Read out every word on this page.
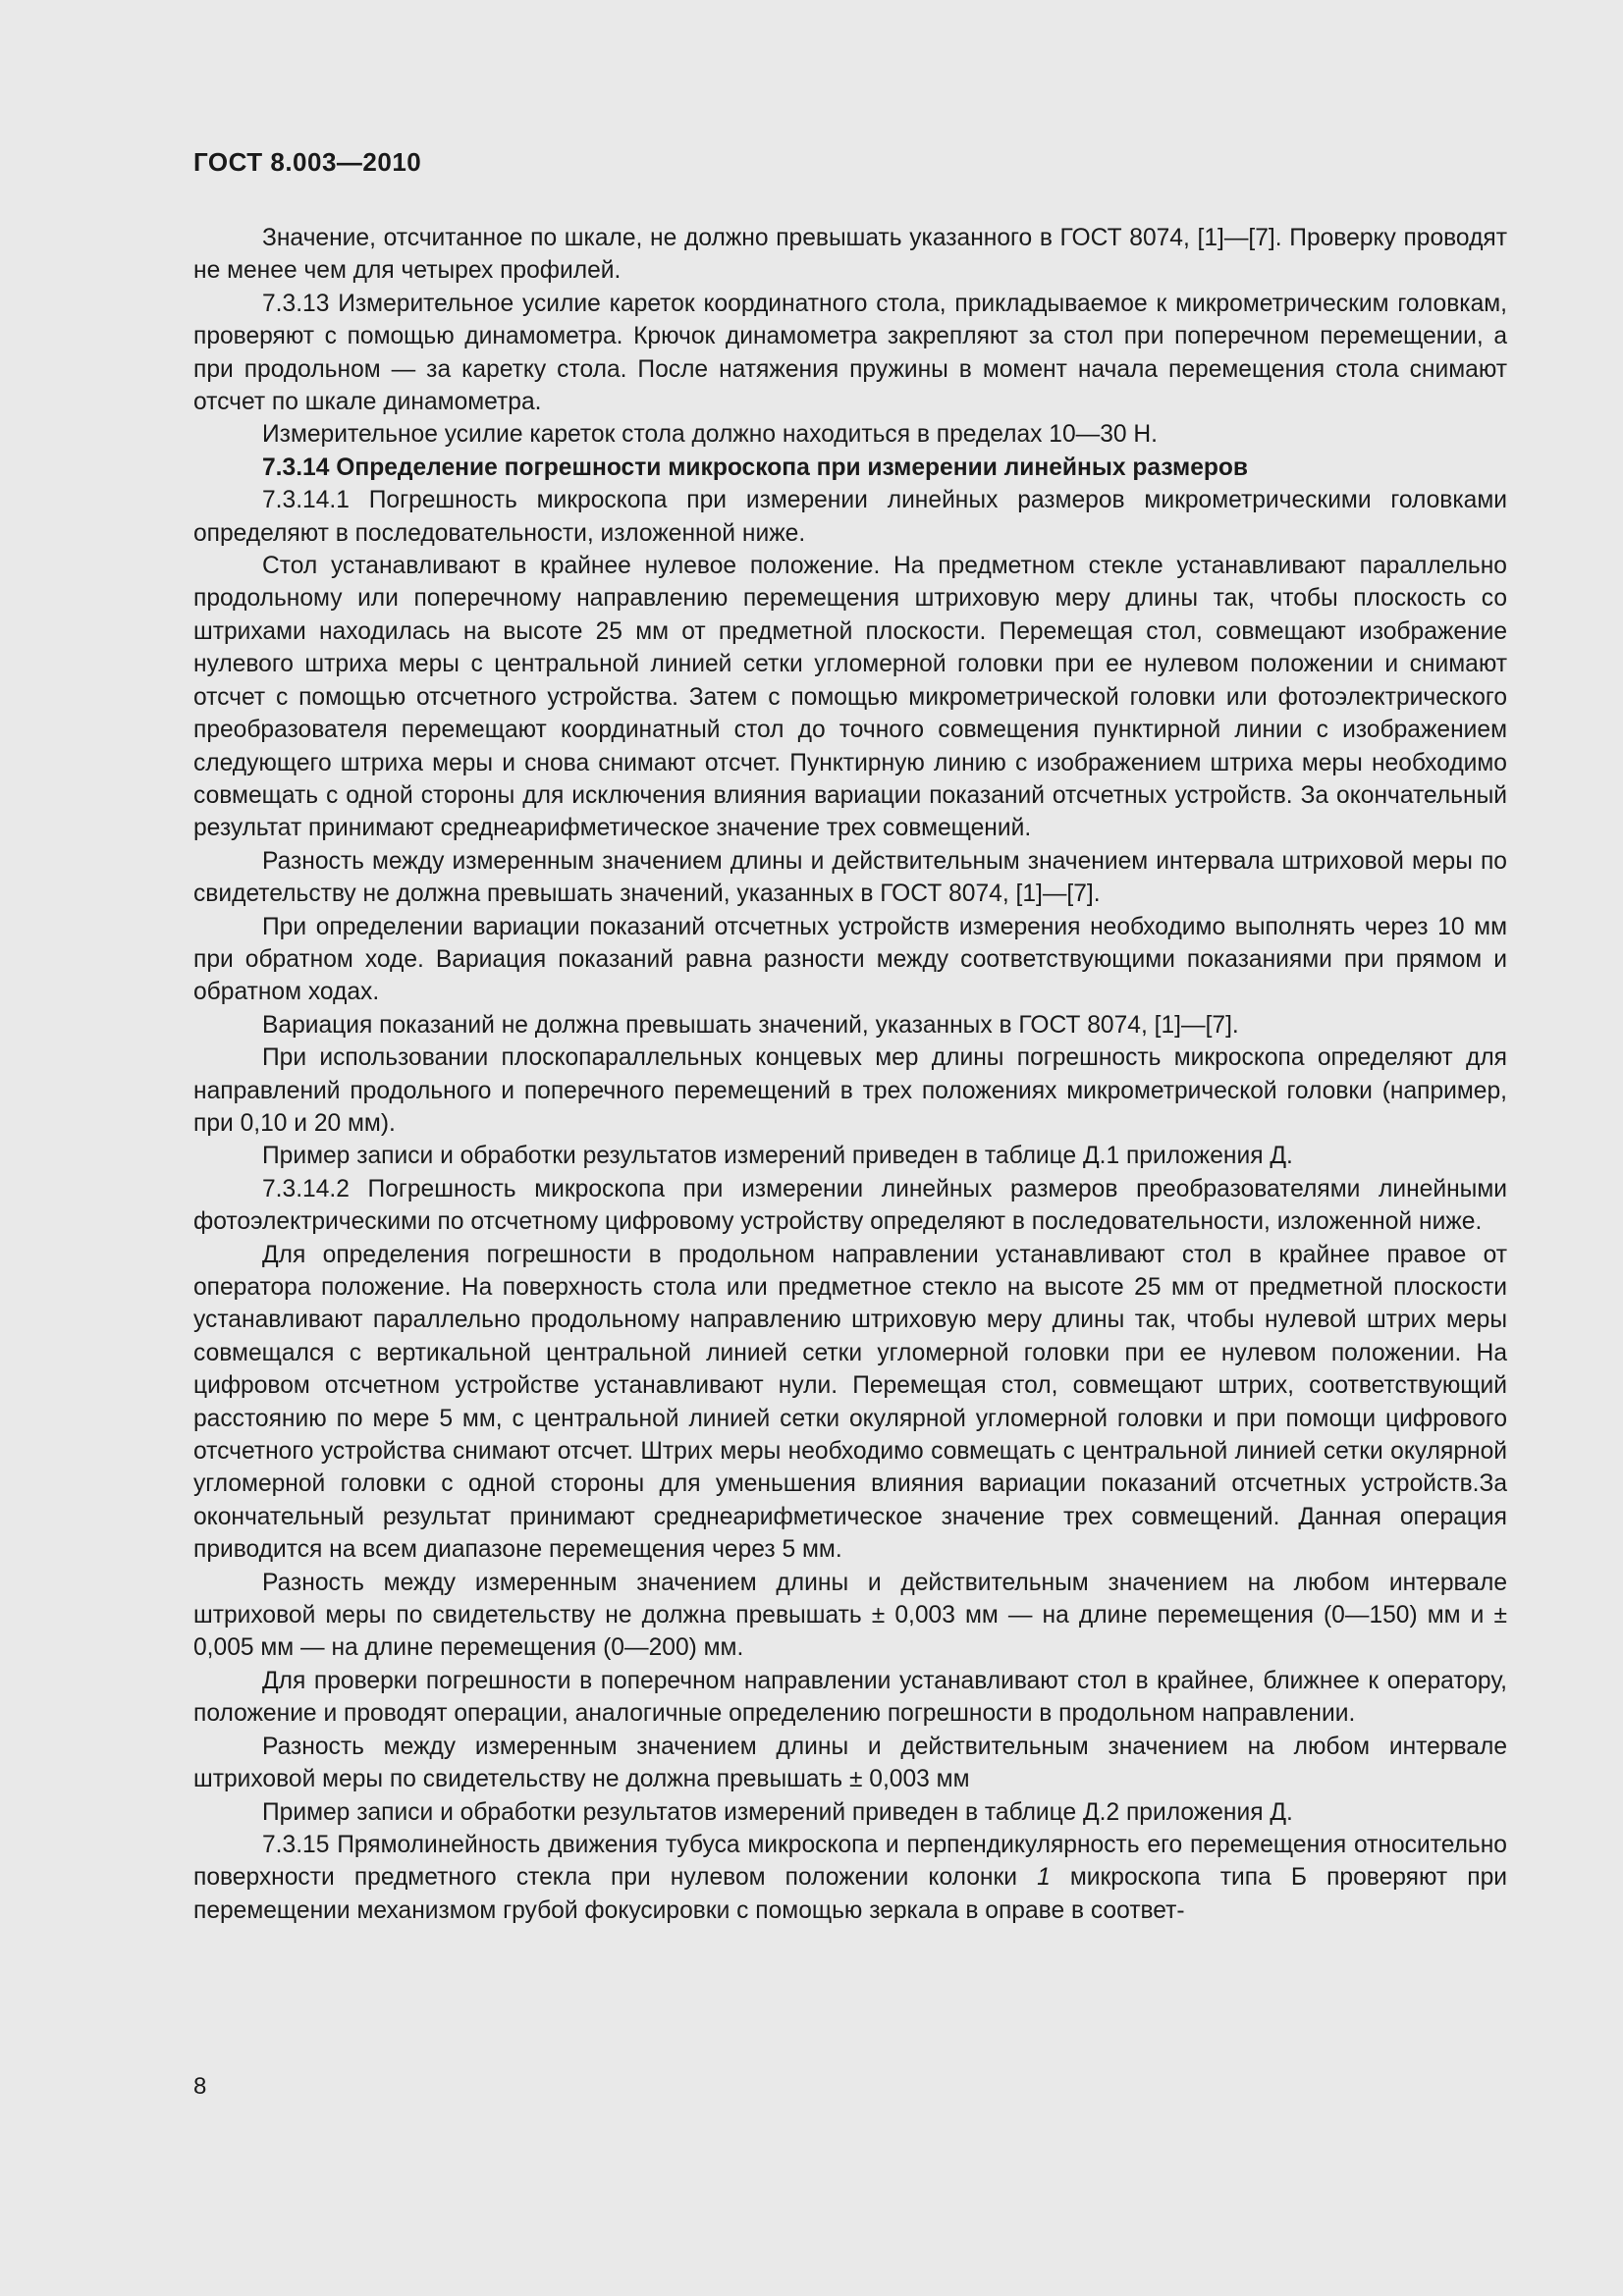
ГОСТ 8.003—2010

Значение, отсчитанное по шкале, не должно превышать указанного в ГОСТ 8074, [1]—[7]. Проверку проводят не менее чем для четырех профилей.

7.3.13 Измерительное усилие кареток координатного стола, прикладываемое к микрометрическим головкам, проверяют с помощью динамометра. Крючок динамометра закрепляют за стол при поперечном перемещении, а при продольном — за каретку стола. После натяжения пружины в момент начала перемещения стола снимают отсчет по шкале динамометра.

Измерительное усилие кареток стола должно находиться в пределах 10—30 Н.

7.3.14 Определение погрешности микроскопа при измерении линейных размеров

7.3.14.1 Погрешность микроскопа при измерении линейных размеров микрометрическими головками определяют в последовательности, изложенной ниже.

Стол устанавливают в крайнее нулевое положение. На предметном стекле устанавливают параллельно продольному или поперечному направлению перемещения штриховую меру длины так, чтобы плоскость со штрихами находилась на высоте 25 мм от предметной плоскости. Перемещая стол, совмещают изображение нулевого штриха меры с центральной линией сетки угломерной головки при ее нулевом положении и снимают отсчет с помощью отсчетного устройства. Затем с помощью микрометрической головки или фотоэлектрического преобразователя перемещают координатный стол до точного совмещения пунктирной линии с изображением следующего штриха меры и снова снимают отсчет. Пунктирную линию с изображением штриха меры необходимо совмещать с одной стороны для исключения влияния вариации показаний отсчетных устройств. За окончательный результат принимают среднеарифметическое значение трех совмещений.

Разность между измеренным значением длины и действительным значением интервала штриховой меры по свидетельству не должна превышать значений, указанных в ГОСТ 8074, [1]—[7].

При определении вариации показаний отсчетных устройств измерения необходимо выполнять через 10 мм при обратном ходе. Вариация показаний равна разности между соответствующими показаниями при прямом и обратном ходах.

Вариация показаний не должна превышать значений, указанных в ГОСТ 8074, [1]—[7].

При использовании плоскопараллельных концевых мер длины погрешность микроскопа определяют для направлений продольного и поперечного перемещений в трех положениях микрометрической головки (например, при 0,10 и 20 мм).

Пример записи и обработки результатов измерений приведен в таблице Д.1 приложения Д.

7.3.14.2 Погрешность микроскопа при измерении линейных размеров преобразователями линейными фотоэлектрическими по отсчетному цифровому устройству определяют в последовательности, изложенной ниже.

Для определения погрешности в продольном направлении устанавливают стол в крайнее правое от оператора положение. На поверхность стола или предметное стекло на высоте 25 мм от предметной плоскости устанавливают параллельно продольному направлению штриховую меру длины так, чтобы нулевой штрих меры совмещался с вертикальной центральной линией сетки угломерной головки при ее нулевом положении. На цифровом отсчетном устройстве устанавливают нули. Перемещая стол, совмещают штрих, соответствующий расстоянию по мере 5 мм, с центральной линией сетки окулярной угломерной головки и при помощи цифрового отсчетного устройства снимают отсчет. Штрих меры необходимо совмещать с центральной линией сетки окулярной угломерной головки с одной стороны для уменьшения влияния вариации показаний отсчетных устройств.За окончательный результат принимают среднеарифметическое значение трех совмещений. Данная операция приводится на всем диапазоне перемещения через 5 мм.

Разность между измеренным значением длины и действительным значением на любом интервале штриховой меры по свидетельству не должна превышать ± 0,003 мм — на длине перемещения (0—150) мм и ± 0,005 мм — на длине перемещения (0—200) мм.

Для проверки погрешности в поперечном направлении устанавливают стол в крайнее, ближнее к оператору, положение и проводят операции, аналогичные определению погрешности в продольном направлении.

Разность между измеренным значением длины и действительным значением на любом интервале штриховой меры по свидетельству не должна превышать ± 0,003 мм

Пример записи и обработки результатов измерений приведен в таблице Д.2 приложения Д.

7.3.15 Прямолинейность движения тубуса микроскопа и перпендикулярность его перемещения относительно поверхности предметного стекла при нулевом положении колонки 1 микроскопа типа Б проверяют при перемещении механизмом грубой фокусировки с помощью зеркала в оправе в соответ-

8
